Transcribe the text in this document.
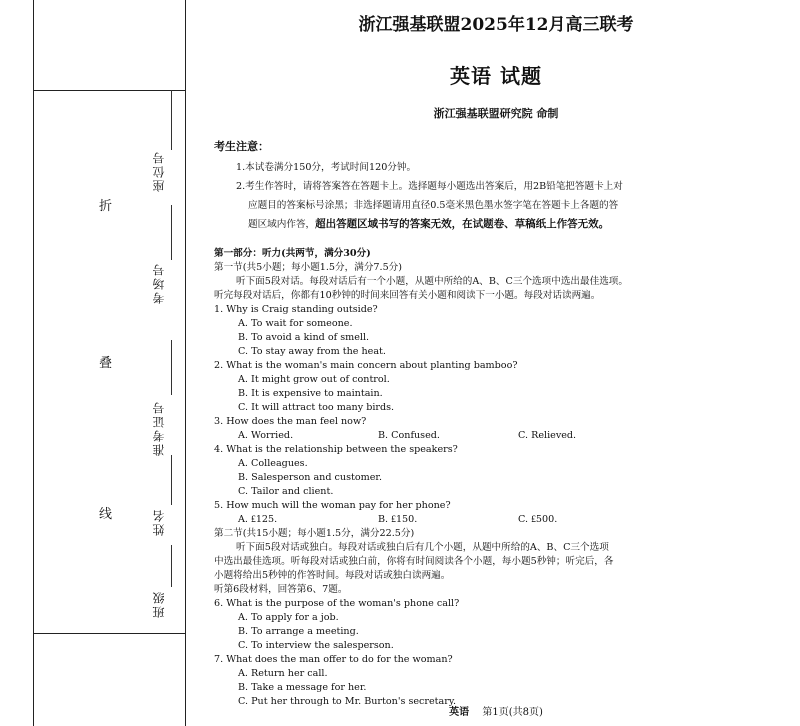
折
叠
线
座位号
考场号
准考证号
姓名
班级
浙江强基联盟2025年12月高三联考
英语 试题
浙江强基联盟研究院 命制
考生注意：
1.本试卷满分150分，考试时间120分钟。
2.考生作答时，请将答案答在答题卡上。选择题每小题选出答案后，用2B铅笔把答题卡上对
应题目的答案标号涂黑；非选择题请用直径0.5毫米黑色墨水签字笔在答题卡上各题的答
题区域内作答，超出答题区域书写的答案无效，在试题卷、草稿纸上作答无效。
第一部分：听力(共两节，满分30分)
第一节(共5小题；每小题1.5分，满分7.5分)
听下面5段对话。每段对话后有一个小题，从题中所给的A、B、C三个选项中选出最佳选项。
听完每段对话后，你都有10秒钟的时间来回答有关小题和阅读下一小题。每段对话读两遍。
1. Why is Craig standing outside?
A. To wait for someone.
B. To avoid a kind of smell.
C. To stay away from the heat.
2. What is the woman's main concern about planting bamboo?
A. It might grow out of control.
B. It is expensive to maintain.
C. It will attract too many birds.
3. How does the man feel now?
A. Worried.	B. Confused.	C. Relieved.
4. What is the relationship between the speakers?
A. Colleagues.
B. Salesperson and customer.
C. Tailor and client.
5. How much will the woman pay for her phone?
A. ₤125.	B. ₤150.	C. ₤500.
第二节(共15小题；每小题1.5分，满分22.5分)
听下面5段对话或独白。每段对话或独白后有几个小题，从题中所给的A、B、C三个选项
中选出最佳选项。听每段对话或独白前，你将有时间阅读各个小题，每小题5秒钟；听完后，各
小题将给出5秒钟的作答时间。每段对话或独白读两遍。
听第6段材料，回答第6、7题。
6. What is the purpose of the woman's phone call?
A. To apply for a job.
B. To arrange a meeting.
C. To interview the salesperson.
7. What does the man offer to do for the woman?
A. Return her call.
B. Take a message for her.
C. Put her through to Mr. Burton's secretary.
英语 第1页(共8页)
